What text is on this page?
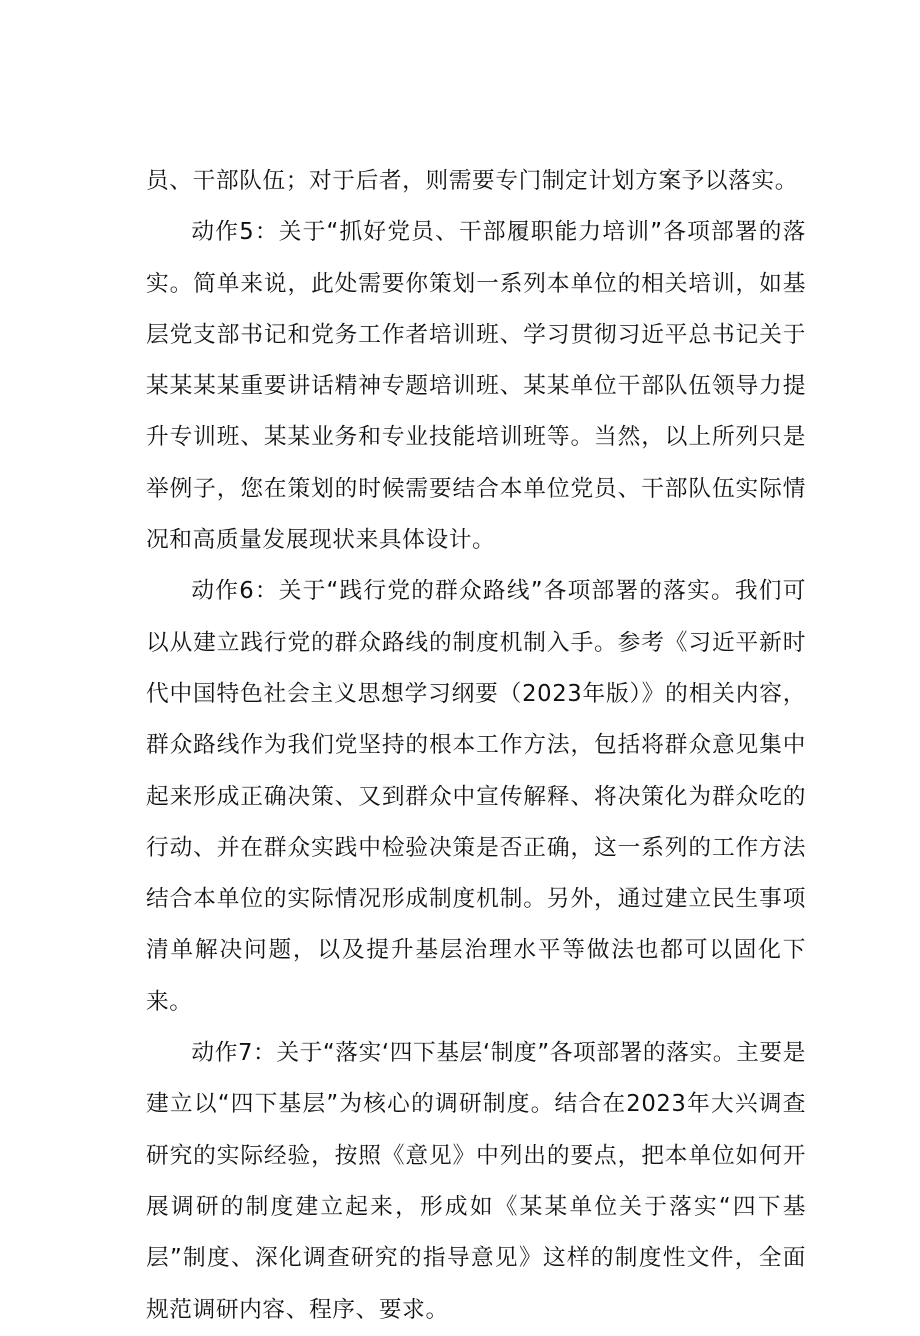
员、干部队伍；对于后者，则需要专门制定计划方案予以落实。

动作5：关于“抓好党员、干部履职能力培训”各项部署的落实。简单来说，此处需要你策划一系列本单位的相关培训，如基层党支部书记和党务工作者培训班、学习贯彻习近平总书记关于某某某某重要讲话精神专题培训班、某某单位干部队伍领导力提升专训班、某某业务和专业技能培训班等。当然，以上所列只是举例子，您在策划的时候需要结合本单位党员、干部队伍实际情况和高质量发展现状来具体设计。

动作6：关于“践行党的群众路线”各项部署的落实。我们可以从建立践行党的群众路线的制度机制入手。参考《习近平新时代中国特色社会主义思想学习纲要（2023年版）》的相关内容，群众路线作为我们党坚持的根本工作方法，包括将群众意见集中起来形成正确决策、又到群众中宣传解释、将决策化为群众吃的行动、并在群众实践中检验决策是否正确，这一系列的工作方法结合本单位的实际情况形成制度机制。另外，通过建立民生事项清单解决问题，以及提升基层治理水平等做法也都可以固化下来。

动作7：关于“落实‘四下基层‘制度”各项部署的落实。主要是建立以“四下基层”为核心的调研制度。结合在2023年大兴调查研究的实际经验，按照《意见》中列出的要点，把本单位如何开展调研的制度建立起来，形成如《某某单位关于落实“四下基层”制度、深化调查研究的指导意见》这样的制度性文件，全面规范调研内容、程序、要求。
